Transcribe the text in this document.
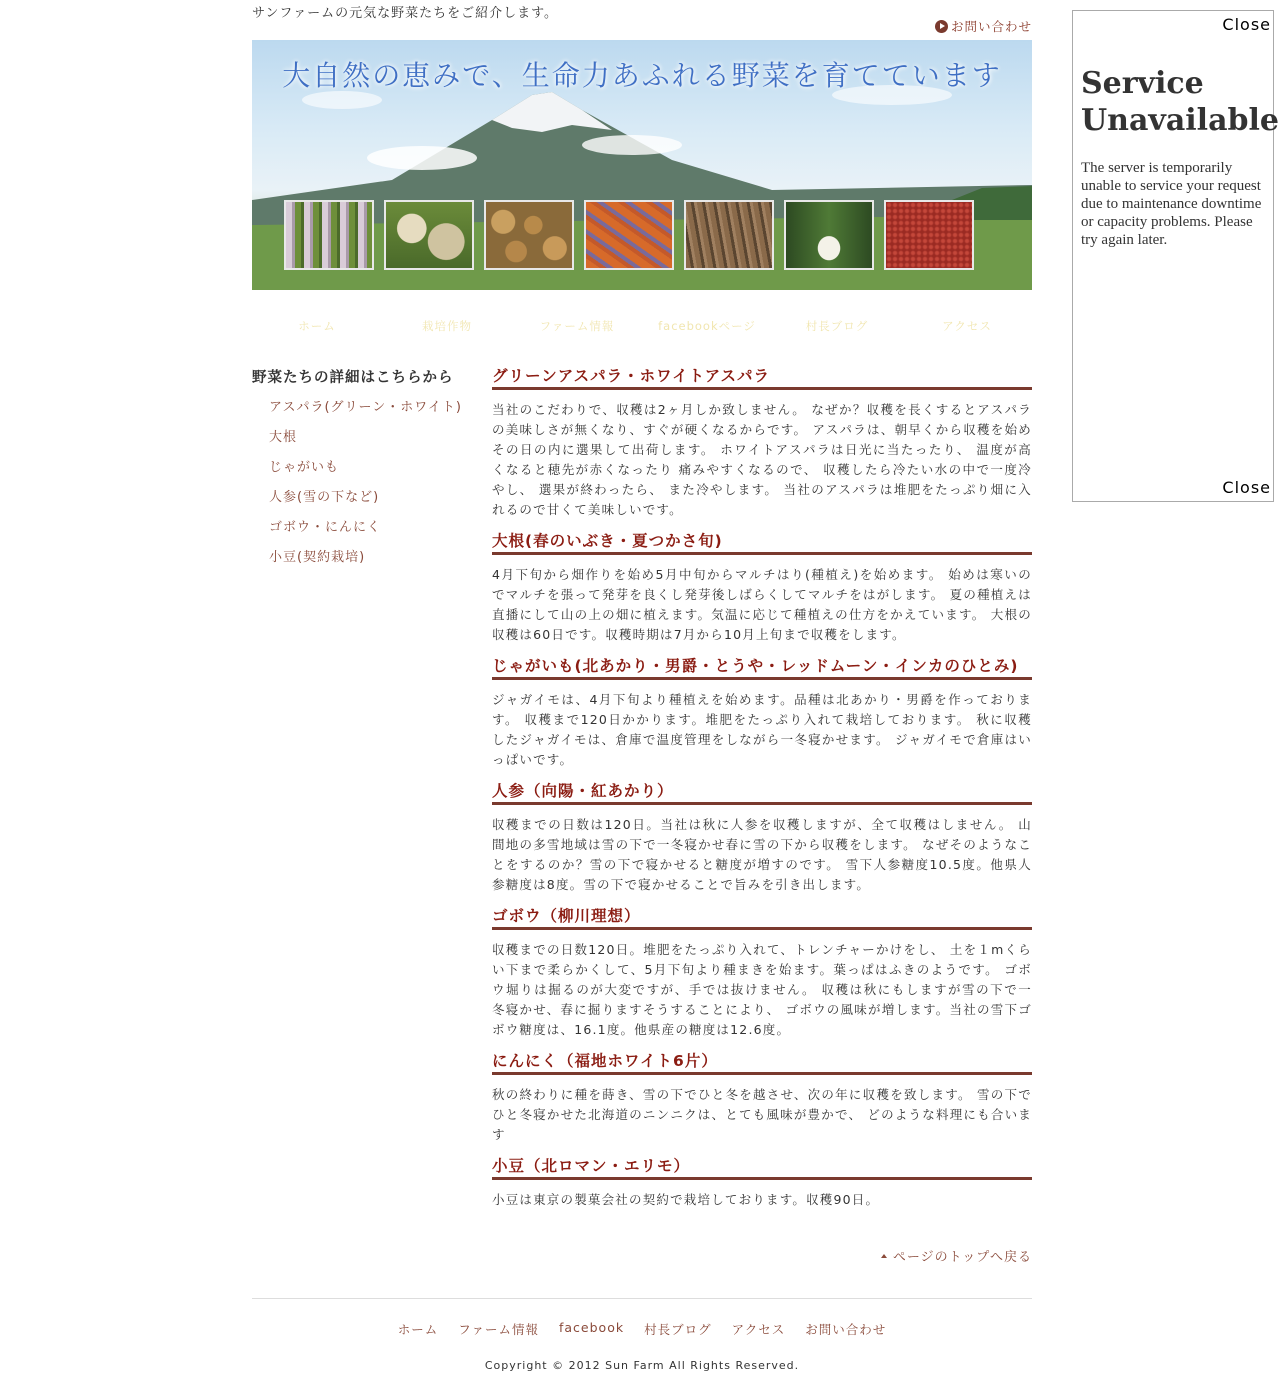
サンファームの元気な野菜たちをご紹介します。
お問い合わせ
大自然の恵みで、生命力あふれる野菜を育てています
ホーム	栽培作物	ファーム情報	facebookページ	村長ブログ	アクセス
野菜たちの詳細はこちらから
アスパラ(グリーン・ホワイト)
大根
じゃがいも
人参(雪の下など)
ゴボウ・にんにく
小豆(契約栽培)
グリーンアスパラ・ホワイトアスパラ

当社のこだわりで、収穫は2ヶ月しか致しません。 なぜか？収穫を長くするとアスパラの美味しさが無くなり、すぐが硬くなるからです。 アスパラは、朝早くから収穫を始めその日の内に選果して出荷します。 ホワイトアスパラは日光に当たったり、 温度が高くなると穂先が赤くなったり 痛みやすくなるので、 収穫したら冷たい水の中で一度冷やし、 選果が終わったら、 また冷やします。 当社のアスパラは堆肥をたっぷり畑に入れるので甘くて美味しいです。

大根(春のいぶき・夏つかさ旬)

4月下旬から畑作りを始め5月中旬からマルチはり(種植え)を始めます。 始めは寒いのでマルチを張って発芽を良くし発芽後しばらくしてマルチをはがします。 夏の種植えは直播にして山の上の畑に植えます。気温に応じて種植えの仕方をかえています。 大根の収穫は60日です。収穫時期は7月から10月上旬まで収穫をします。

じゃがいも(北あかり・男爵・とうや・レッドムーン・インカのひとみ)

ジャガイモは、4月下旬より種植えを始めます。品種は北あかり・男爵を作っております。 収穫まで120日かかります。堆肥をたっぷり入れて栽培しております。 秋に収穫したジャガイモは、倉庫で温度管理をしながら一冬寝かせます。 ジャガイモで倉庫はいっぱいです。

人参（向陽・紅あかり）

収穫までの日数は120日。当社は秋に人参を収穫しますが、全て収穫はしません。 山間地の多雪地域は雪の下で一冬寝かせ春に雪の下から収穫をします。 なぜそのようなことをするのか？雪の下で寝かせると糖度が増すのです。 雪下人参糖度10.5度。他県人参糖度は8度。雪の下で寝かせることで旨みを引き出します。

ゴボウ（柳川理想）

収穫までの日数120日。堆肥をたっぷり入れて、トレンチャーかけをし、 土を１mくらい下まで柔らかくして、5月下旬より種まきを始ます。葉っぱはふきのようです。 ゴボウ堀りは掘るのが大変ですが、手では抜けません。 収穫は秋にもしますが雪の下で一冬寝かせ、春に掘りますそうすることにより、 ゴボウの風味が増します。当社の雪下ゴボウ糖度は、16.1度。他県産の糖度は12.6度。

にんにく（福地ホワイト6片）

秋の終わりに種を蒔き、雪の下でひと冬を越させ、次の年に収穫を致します。 雪の下でひと冬寝かせた北海道のニンニクは、とても風味が豊かで、 どのような料理にも合います

小豆（北ロマン・エリモ）

小豆は東京の製菓会社の契約で栽培しております。収穫90日。

ページのトップへ戻る
ホーム ファーム情報 facebook 村長ブログ アクセス お問い合わせ
Copyright © 2012 Sun Farm All Rights Reserved.
Close
Service Unavailable

The server is temporarily unable to service your request due to maintenance downtime or capacity problems. Please try again later.

Close
